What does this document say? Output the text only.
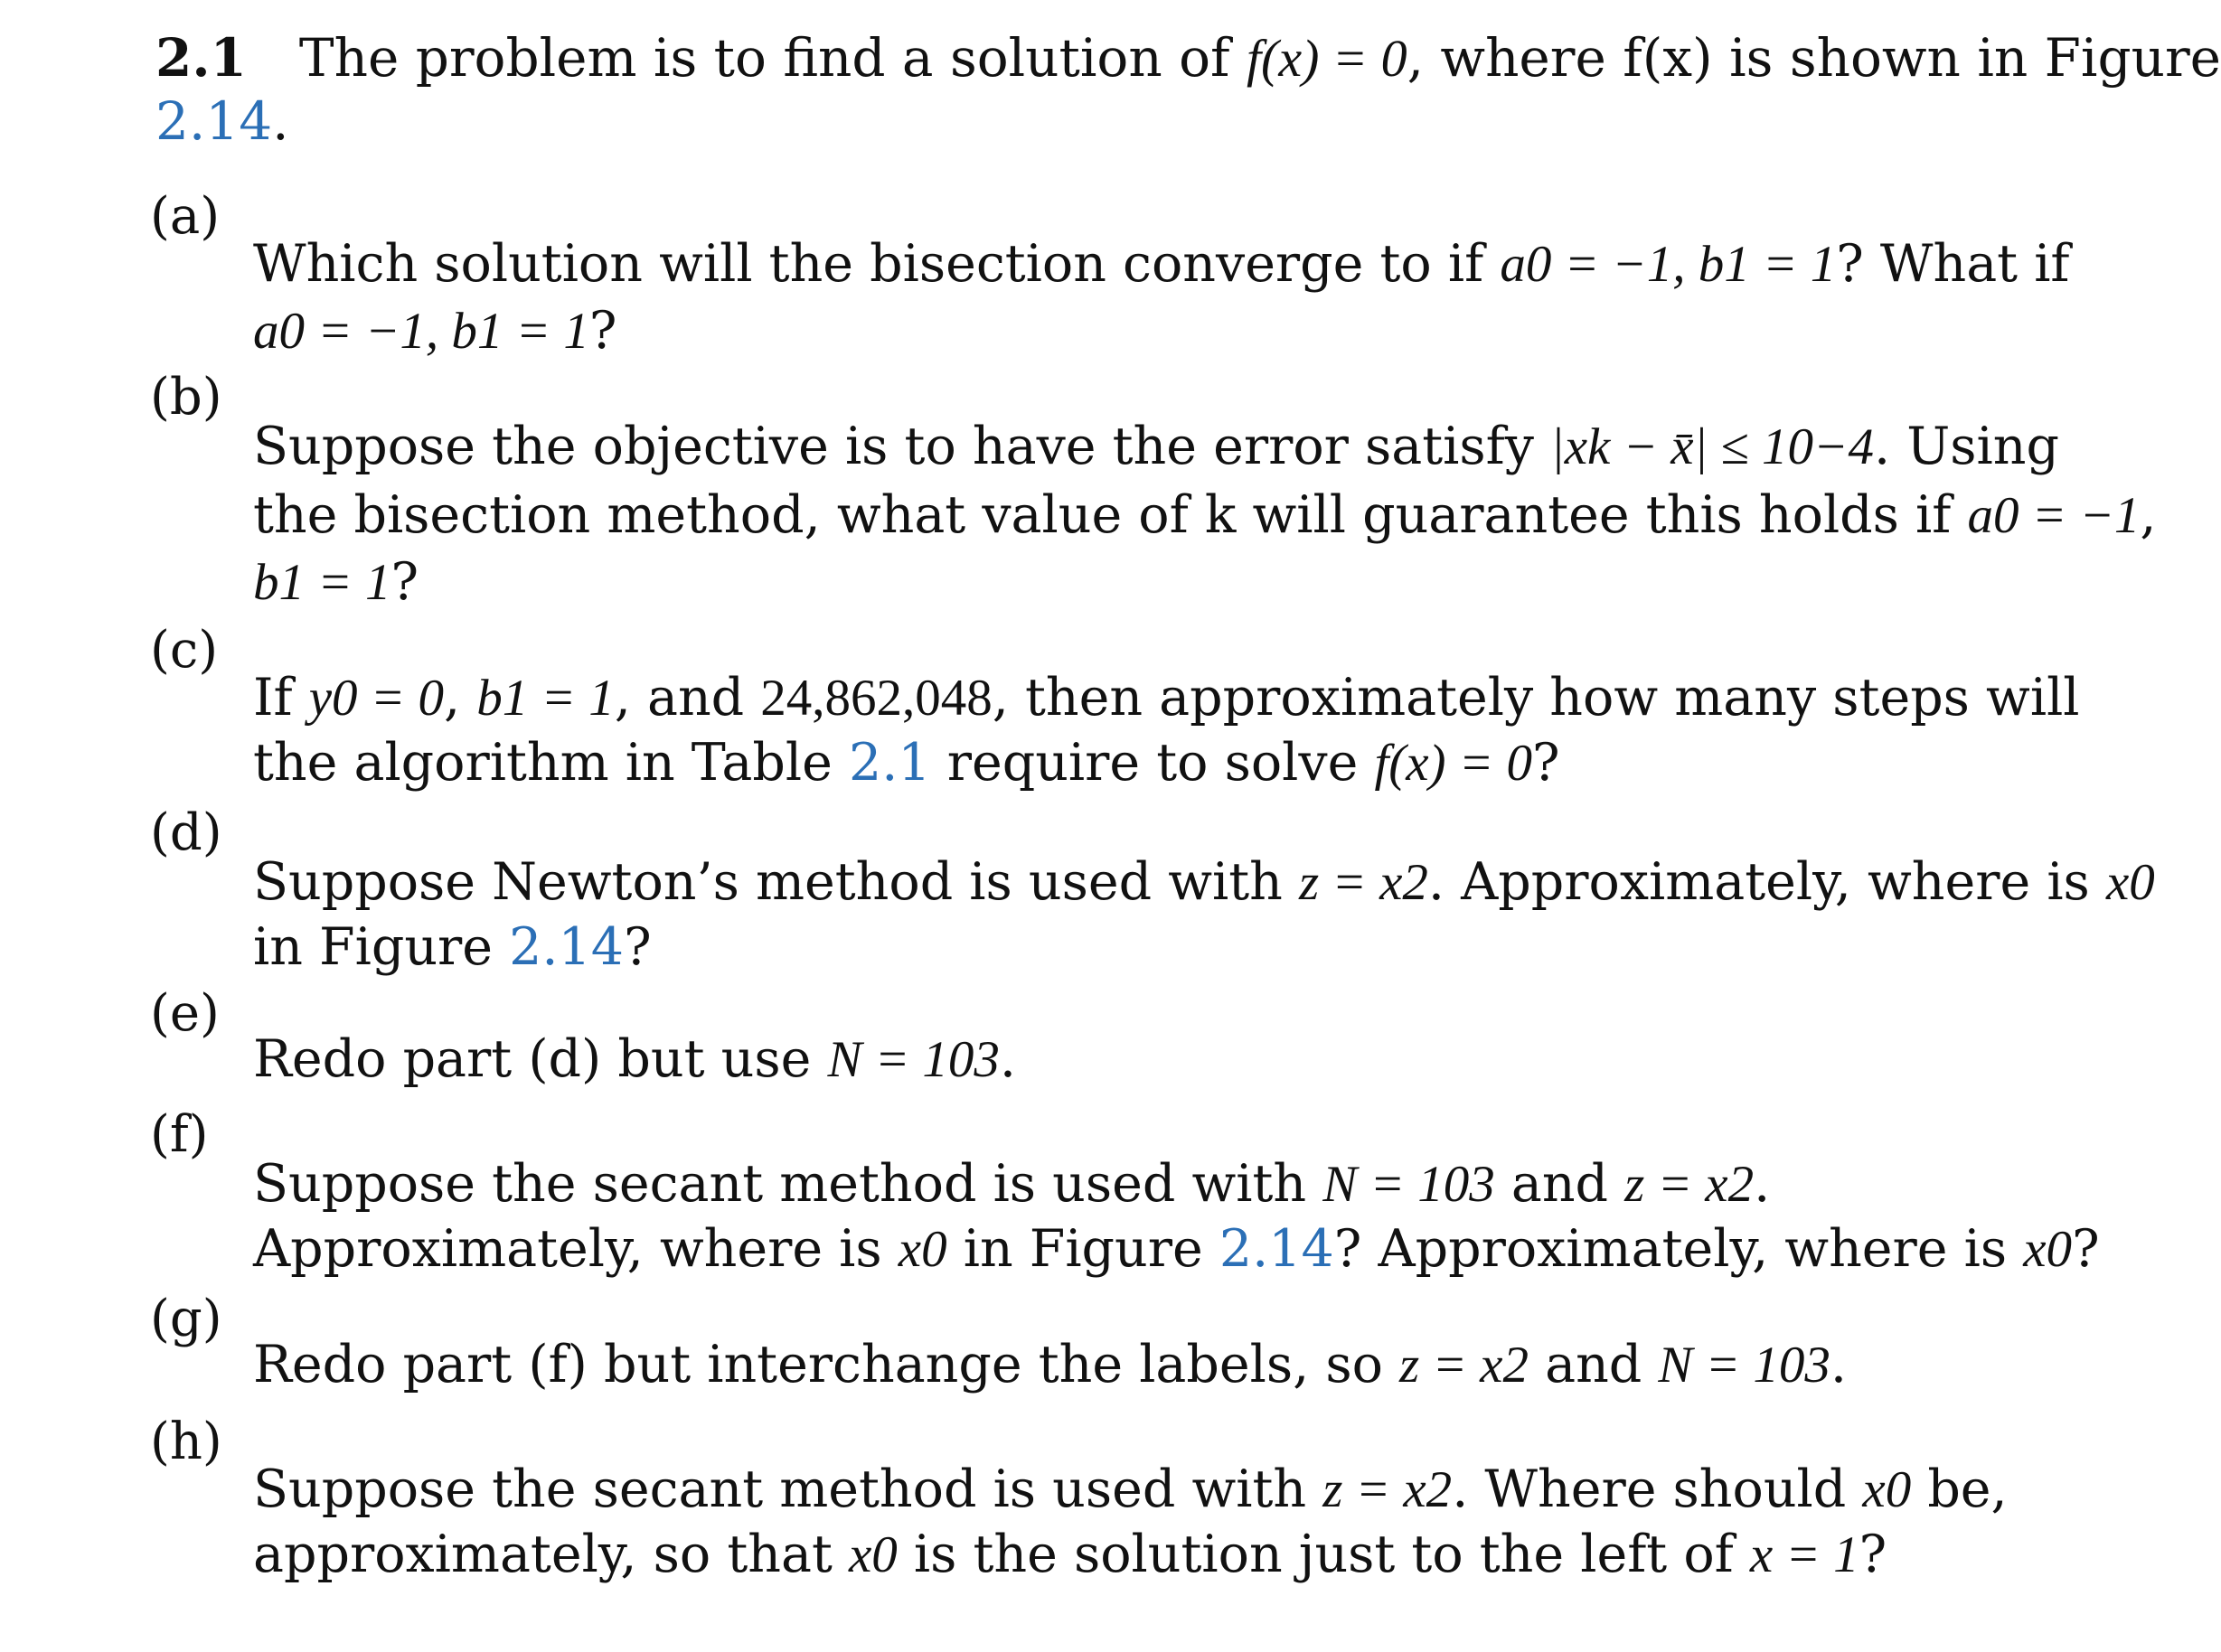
2.1 The problem is to find a solution of f(x) = 0, where f(x) is shown in Figure
2.14.
(a)
Which solution will the bisection converge to if a0 = −1, b1 = 1? What if
a0 = −1, b1 = 1?
(b)
Suppose the objective is to have the error satisfy |xk − x̄| ≤ 10−4. Using
the bisection method, what value of k will guarantee this holds if a0 = −1,
b1 = 1?
(c)
If y0 = 0, b1 = 1, and 24,862,048, then approximately how many steps will
the algorithm in Table 2.1 require to solve f(x) = 0?
(d)
Suppose Newton’s method is used with z = x2. Approximately, where is x0
in Figure 2.14?
(e)
Redo part (d) but use N = 103.
(f)
Suppose the secant method is used with N = 103 and z = x2.
Approximately, where is x0 in Figure 2.14? Approximately, where is x0?
(g)
Redo part (f) but interchange the labels, so z = x2 and N = 103.
(h)
Suppose the secant method is used with z = x2. Where should x0 be,
approximately, so that x0 is the solution just to the left of x = 1?
